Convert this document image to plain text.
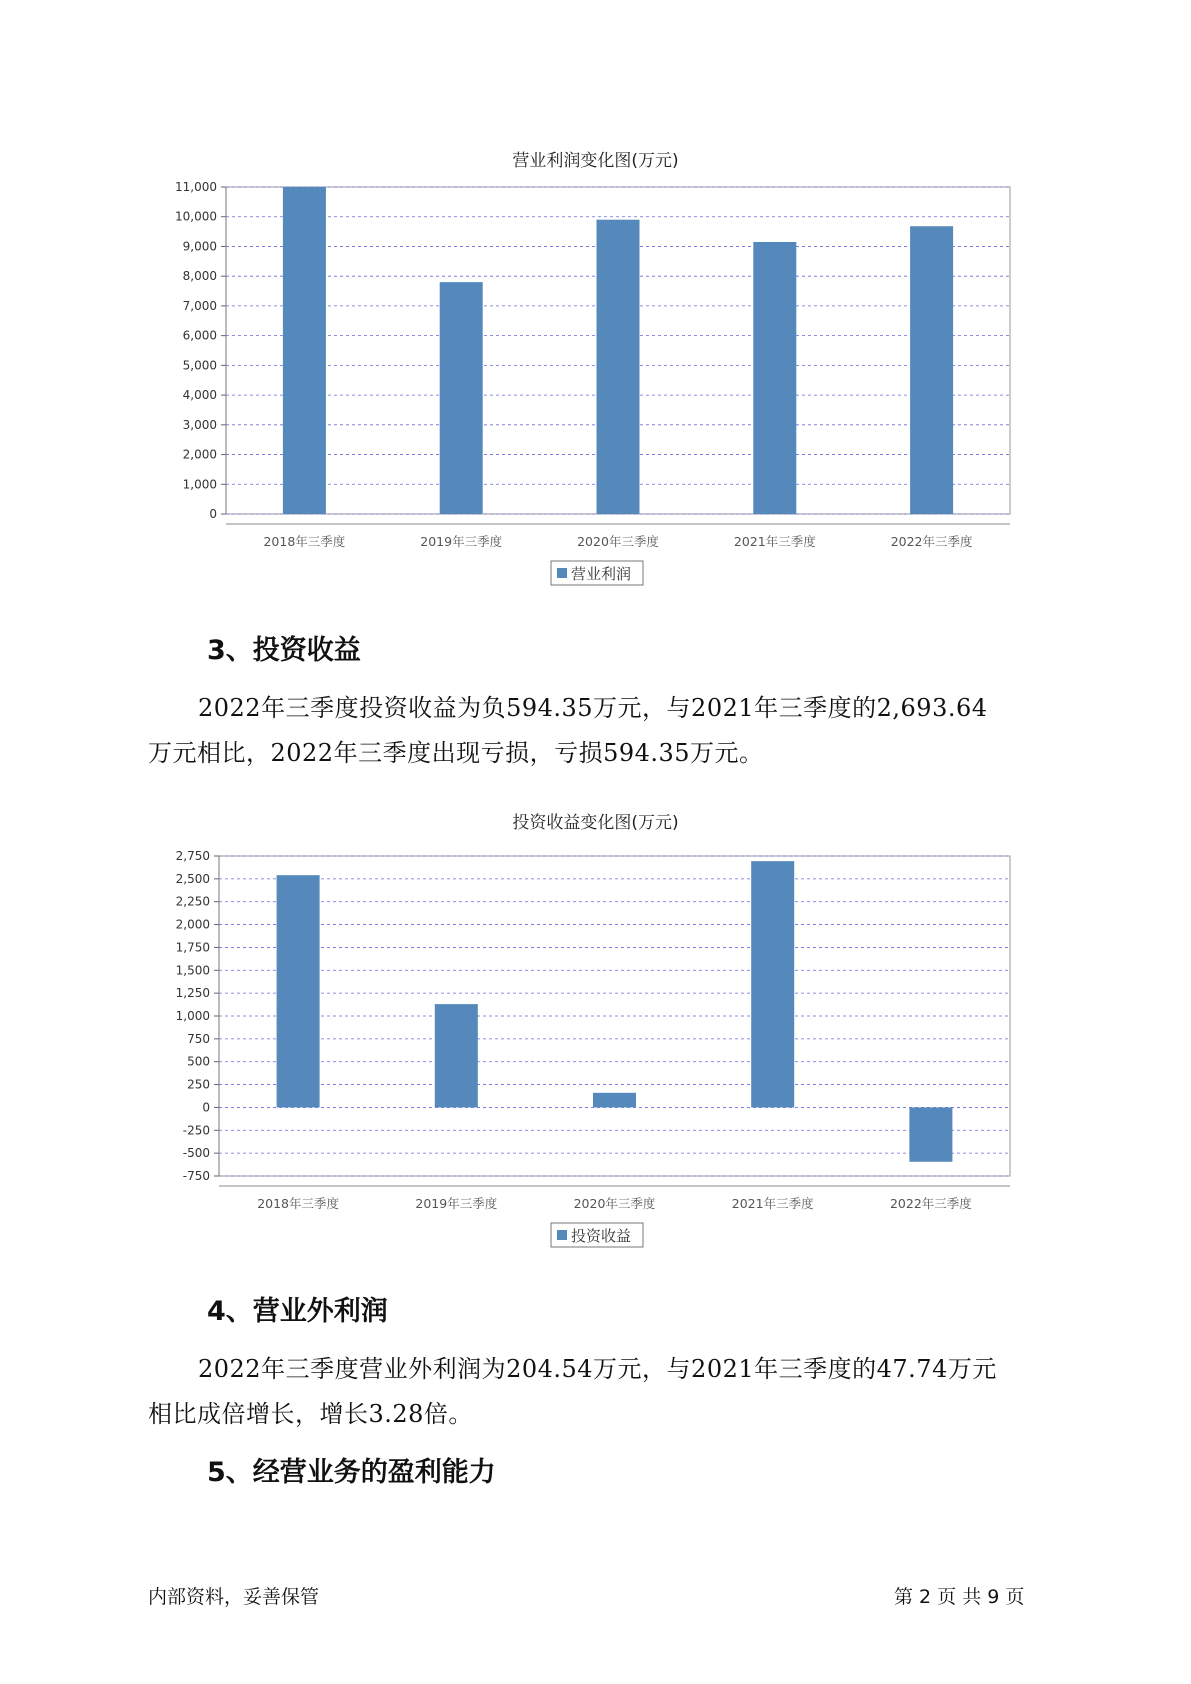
营业利润变化图(万元)
0
1,000
2,000
3,000
4,000
5,000
6,000
7,000
8,000
9,000
10,000
11,000
2018年三季度	2019年三季度	2020年三季度	2021年三季度	2022年三季度
营业利润
3、投资收益
2022年三季度投资收益为负594.35万元，与2021年三季度的2,693.64
万元相比，2022年三季度出现亏损，亏损594.35万元。
投资收益变化图(万元)
-750
-500
-250
0
250
500
750
1,000
1,250
1,500
1,750
2,000
2,250
2,500
2,750
2018年三季度	2019年三季度	2020年三季度	2021年三季度	2022年三季度
投资收益
4、营业外利润
2022年三季度营业外利润为204.54万元，与2021年三季度的47.74万元
相比成倍增长，增长3.28倍。
5、经营业务的盈利能力
内部资料，妥善保管	第 2 页 共 9 页
